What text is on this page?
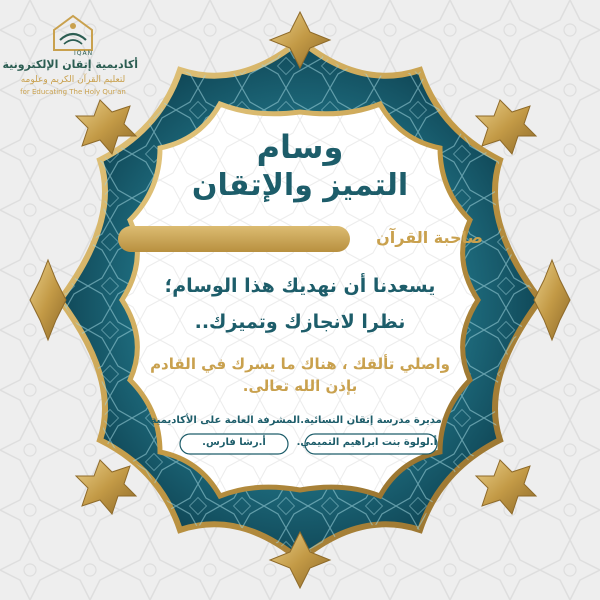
IQAN
أكاديمية إتقان الإلكترونية
لتعليم القرآن الكريم وعلومه
for Educating The Holy Qur'an
وسام
التميز والإتقان
صاحبة القرآن
يسعدنا أن نهديك هذا الوسام؛
نظرا لانجازك وتميزك..
واصلي تألقك ، هناك ما يسرك في القادم
بإذن الله تعالى.
مديرة مدرسة إتقان النسائية.
أ.لولوة بنت ابراهيم التميمي.
المشرفة العامة على الأكاديمية
أ.رشا فارس.
